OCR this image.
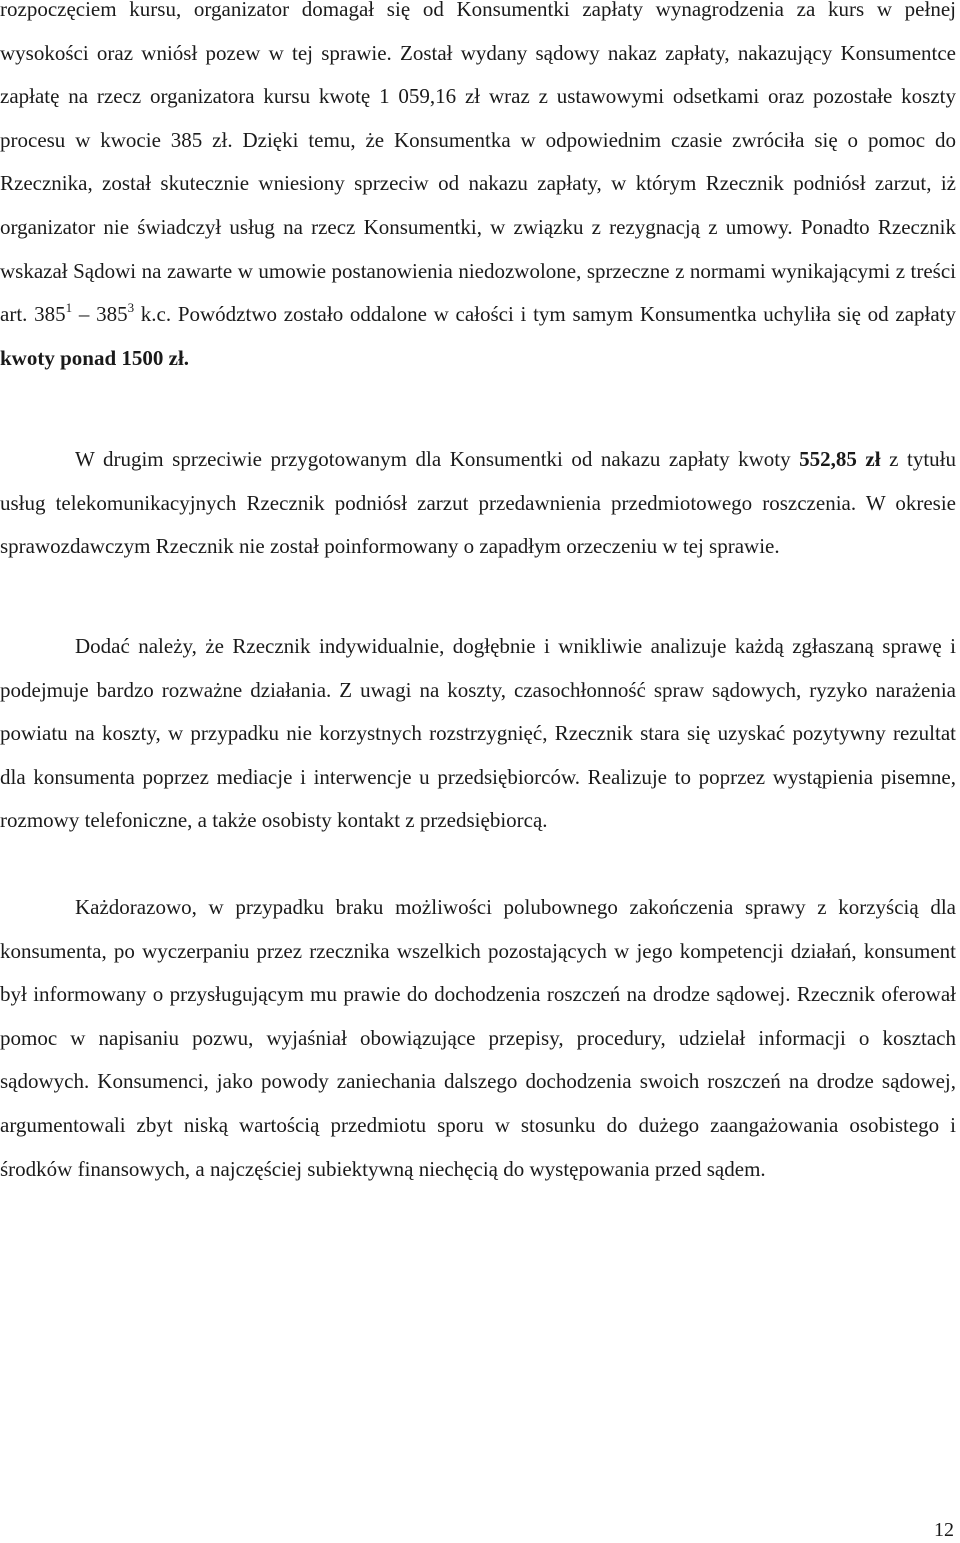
rozpoczęciem kursu, organizator domagał się od Konsumentki zapłaty wynagrodzenia za kurs w pełnej wysokości oraz wniósł pozew w tej sprawie. Został wydany sądowy nakaz zapłaty, nakazujący Konsumentce zapłatę na rzecz organizatora kursu kwotę 1 059,16 zł wraz z ustawowymi odsetkami oraz pozostałe koszty procesu w kwocie 385 zł. Dzięki temu, że Konsumentka w odpowiednim czasie zwróciła się o pomoc do Rzecznika, został skutecznie wniesiony sprzeciw od nakazu zapłaty, w którym Rzecznik podniósł zarzut, iż organizator nie świadczył usług na rzecz Konsumentki, w związku z rezygnacją z umowy. Ponadto Rzecznik wskazał Sądowi na zawarte w umowie postanowienia niedozwolone, sprzeczne z normami wynikającymi z treści art. $385^1 - 385^3$ k.c. Powództwo zostało oddalone w całości i tym samym Konsumentka uchyliła się od zapłaty kwoty ponad 1500 zł.

W drugim sprzeciwie przygotowanym dla Konsumentki od nakazu zapłaty kwoty 552,85 zł z tytułu usług telekomunikacyjnych Rzecznik podniósł zarzut przedawnienia przedmiotowego roszczenia. W okresie sprawozdawczym Rzecznik nie został poinformowany o zapadłym orzeczeniu w tej sprawie.

Dodać należy, że Rzecznik indywidualnie, dogłębnie i wnikliwie analizuje każdą zgłaszaną sprawę i podejmuje bardzo rozważne działania. Z uwagi na koszty, czasochłonność spraw sądowych, ryzyko narażenia powiatu na koszty, w przypadku nie korzystnych rozstrzygnięć, Rzecznik stara się uzyskać pozytywny rezultat dla konsumenta poprzez mediacje i interwencje u przedsiębiorców. Realizuje to poprzez wystąpienia pisemne, rozmowy telefoniczne, a także osobisty kontakt z przedsiębiorcą.

Każdorazowo, w przypadku braku możliwości polubownego zakończenia sprawy z korzyścią dla konsumenta, po wyczerpaniu przez rzecznika wszelkich pozostających w jego kompetencji działań, konsument był informowany o przysługującym mu prawie do dochodzenia roszczeń na drodze sądowej. Rzecznik oferował pomoc w napisaniu pozwu, wyjaśniał obowiązujące przepisy, procedury, udzielał informacji o kosztach sądowych. Konsumenci, jako powody zaniechania dalszego dochodzenia swoich roszczeń na drodze sądowej, argumentowali zbyt niską wartością przedmiotu sporu w stosunku do dużego zaangażowania osobistego i środków finansowych, a najczęściej subiektywną niechęcią do występowania przed sądem.

12
